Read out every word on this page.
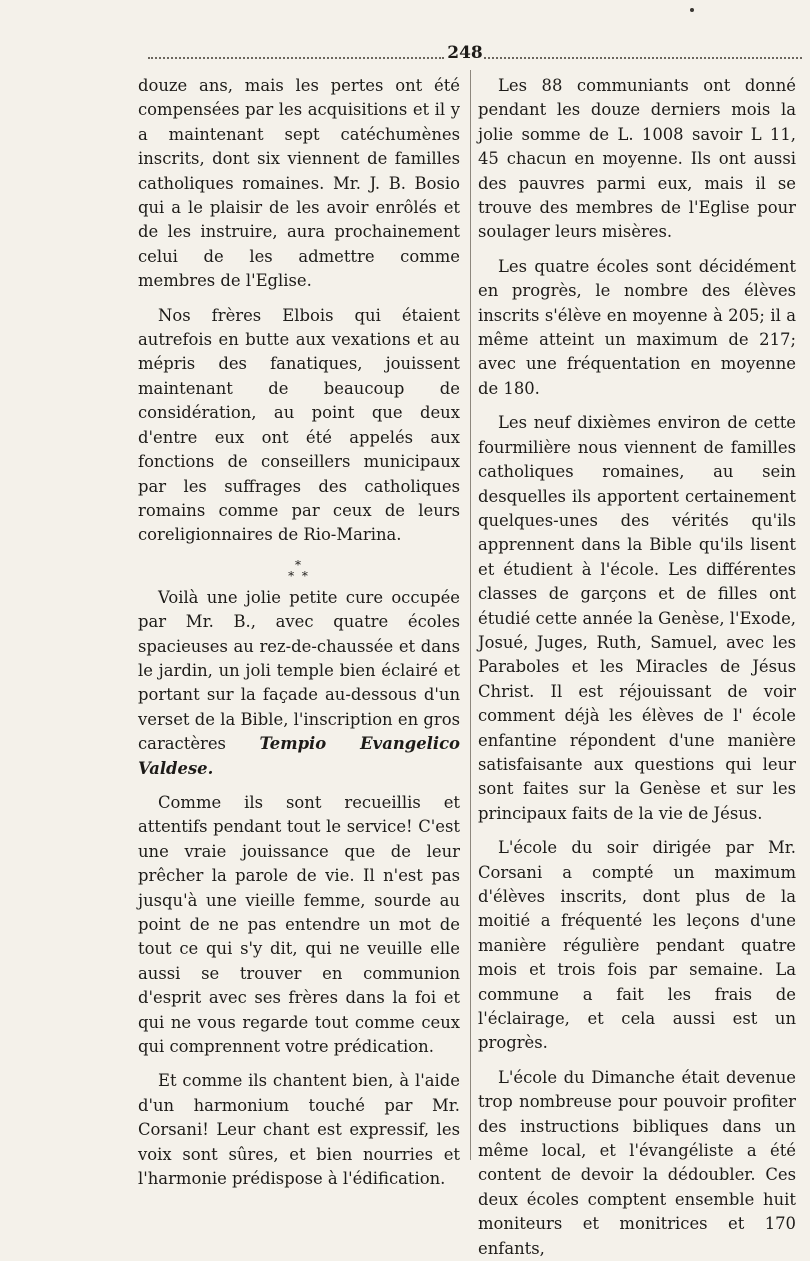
248

douze ans, mais les pertes ont été compensées par les acquisitions et il y a maintenant sept catéchumènes inscrits, dont six viennent de familles catholiques romaines. Mr. J. B. Bosio qui a le plaisir de les avoir enrôlés et de les instruire, aura prochainement celui de les admettre comme membres de l'Eglise.

Nos frères Elbois qui étaient autrefois en butte aux vexations et au mépris des fanatiques, jouissent maintenant de beaucoup de considération, au point que deux d'entre eux ont été appelés aux fonctions de conseillers municipaux par les suffrages des catholiques romains comme par ceux de leurs coreligionnaires de Rio-Marina.

*
* *

Voilà une jolie petite cure occupée par Mr. B., avec quatre écoles spacieuses au rez-de-chaussée et dans le jardin, un joli temple bien éclairé et portant sur la façade au-dessous d'un verset de la Bible, l'inscription en gros caractères Tempio Evangelico Valdese.

Comme ils sont recueillis et attentifs pendant tout le service! C'est une vraie jouissance que de leur prêcher la parole de vie. Il n'est pas jusqu'à une vieille femme, sourde au point de ne pas entendre un mot de tout ce qui s'y dit, qui ne veuille elle aussi se trouver en communion d'esprit avec ses frères dans la foi et qui ne vous regarde tout comme ceux qui comprennent votre prédication.

Et comme ils chantent bien, à l'aide d'un harmonium touché par Mr. Corsani! Leur chant est expressif, les voix sont sûres, et bien nourries et l'harmonie prédispose à l'édification.

Les 88 communiants ont donné pendant les douze derniers mois la jolie somme de L. 1008 savoir L 11, 45 chacun en moyenne. Ils ont aussi des pauvres parmi eux, mais il se trouve des membres de l'Eglise pour soulager leurs misères.

Les quatre écoles sont décidément en progrès, le nombre des élèves inscrits s'élève en moyenne à 205; il a même atteint un maximum de 217; avec une fréquentation en moyenne de 180.

Les neuf dixièmes environ de cette fourmilière nous viennent de familles catholiques romaines, au sein desquelles ils apportent certainement quelques-unes des vérités qu'ils apprennent dans la Bible qu'ils lisent et étudient à l'école. Les différentes classes de garçons et de filles ont étudié cette année la Genèse, l'Exode, Josué, Juges, Ruth, Samuel, avec les Paraboles et les Miracles de Jésus Christ. Il est réjouissant de voir comment déjà les élèves de l' école enfantine répondent d'une manière satisfaisante aux questions qui leur sont faites sur la Genèse et sur les principaux faits de la vie de Jésus.

L'école du soir dirigée par Mr. Corsani a compté un maximum d'élèves inscrits, dont plus de la moitié a fréquenté les leçons d'une manière régulière pendant quatre mois et trois fois par semaine. La commune a fait les frais de l'éclairage, et cela aussi est un progrès.

L'école du Dimanche était devenue trop nombreuse pour pouvoir profiter des instructions bibliques dans un même local, et l'évangéliste a été content de devoir la dédoubler. Ces deux écoles comptent ensemble huit moniteurs et monitrices et 170 enfants,
